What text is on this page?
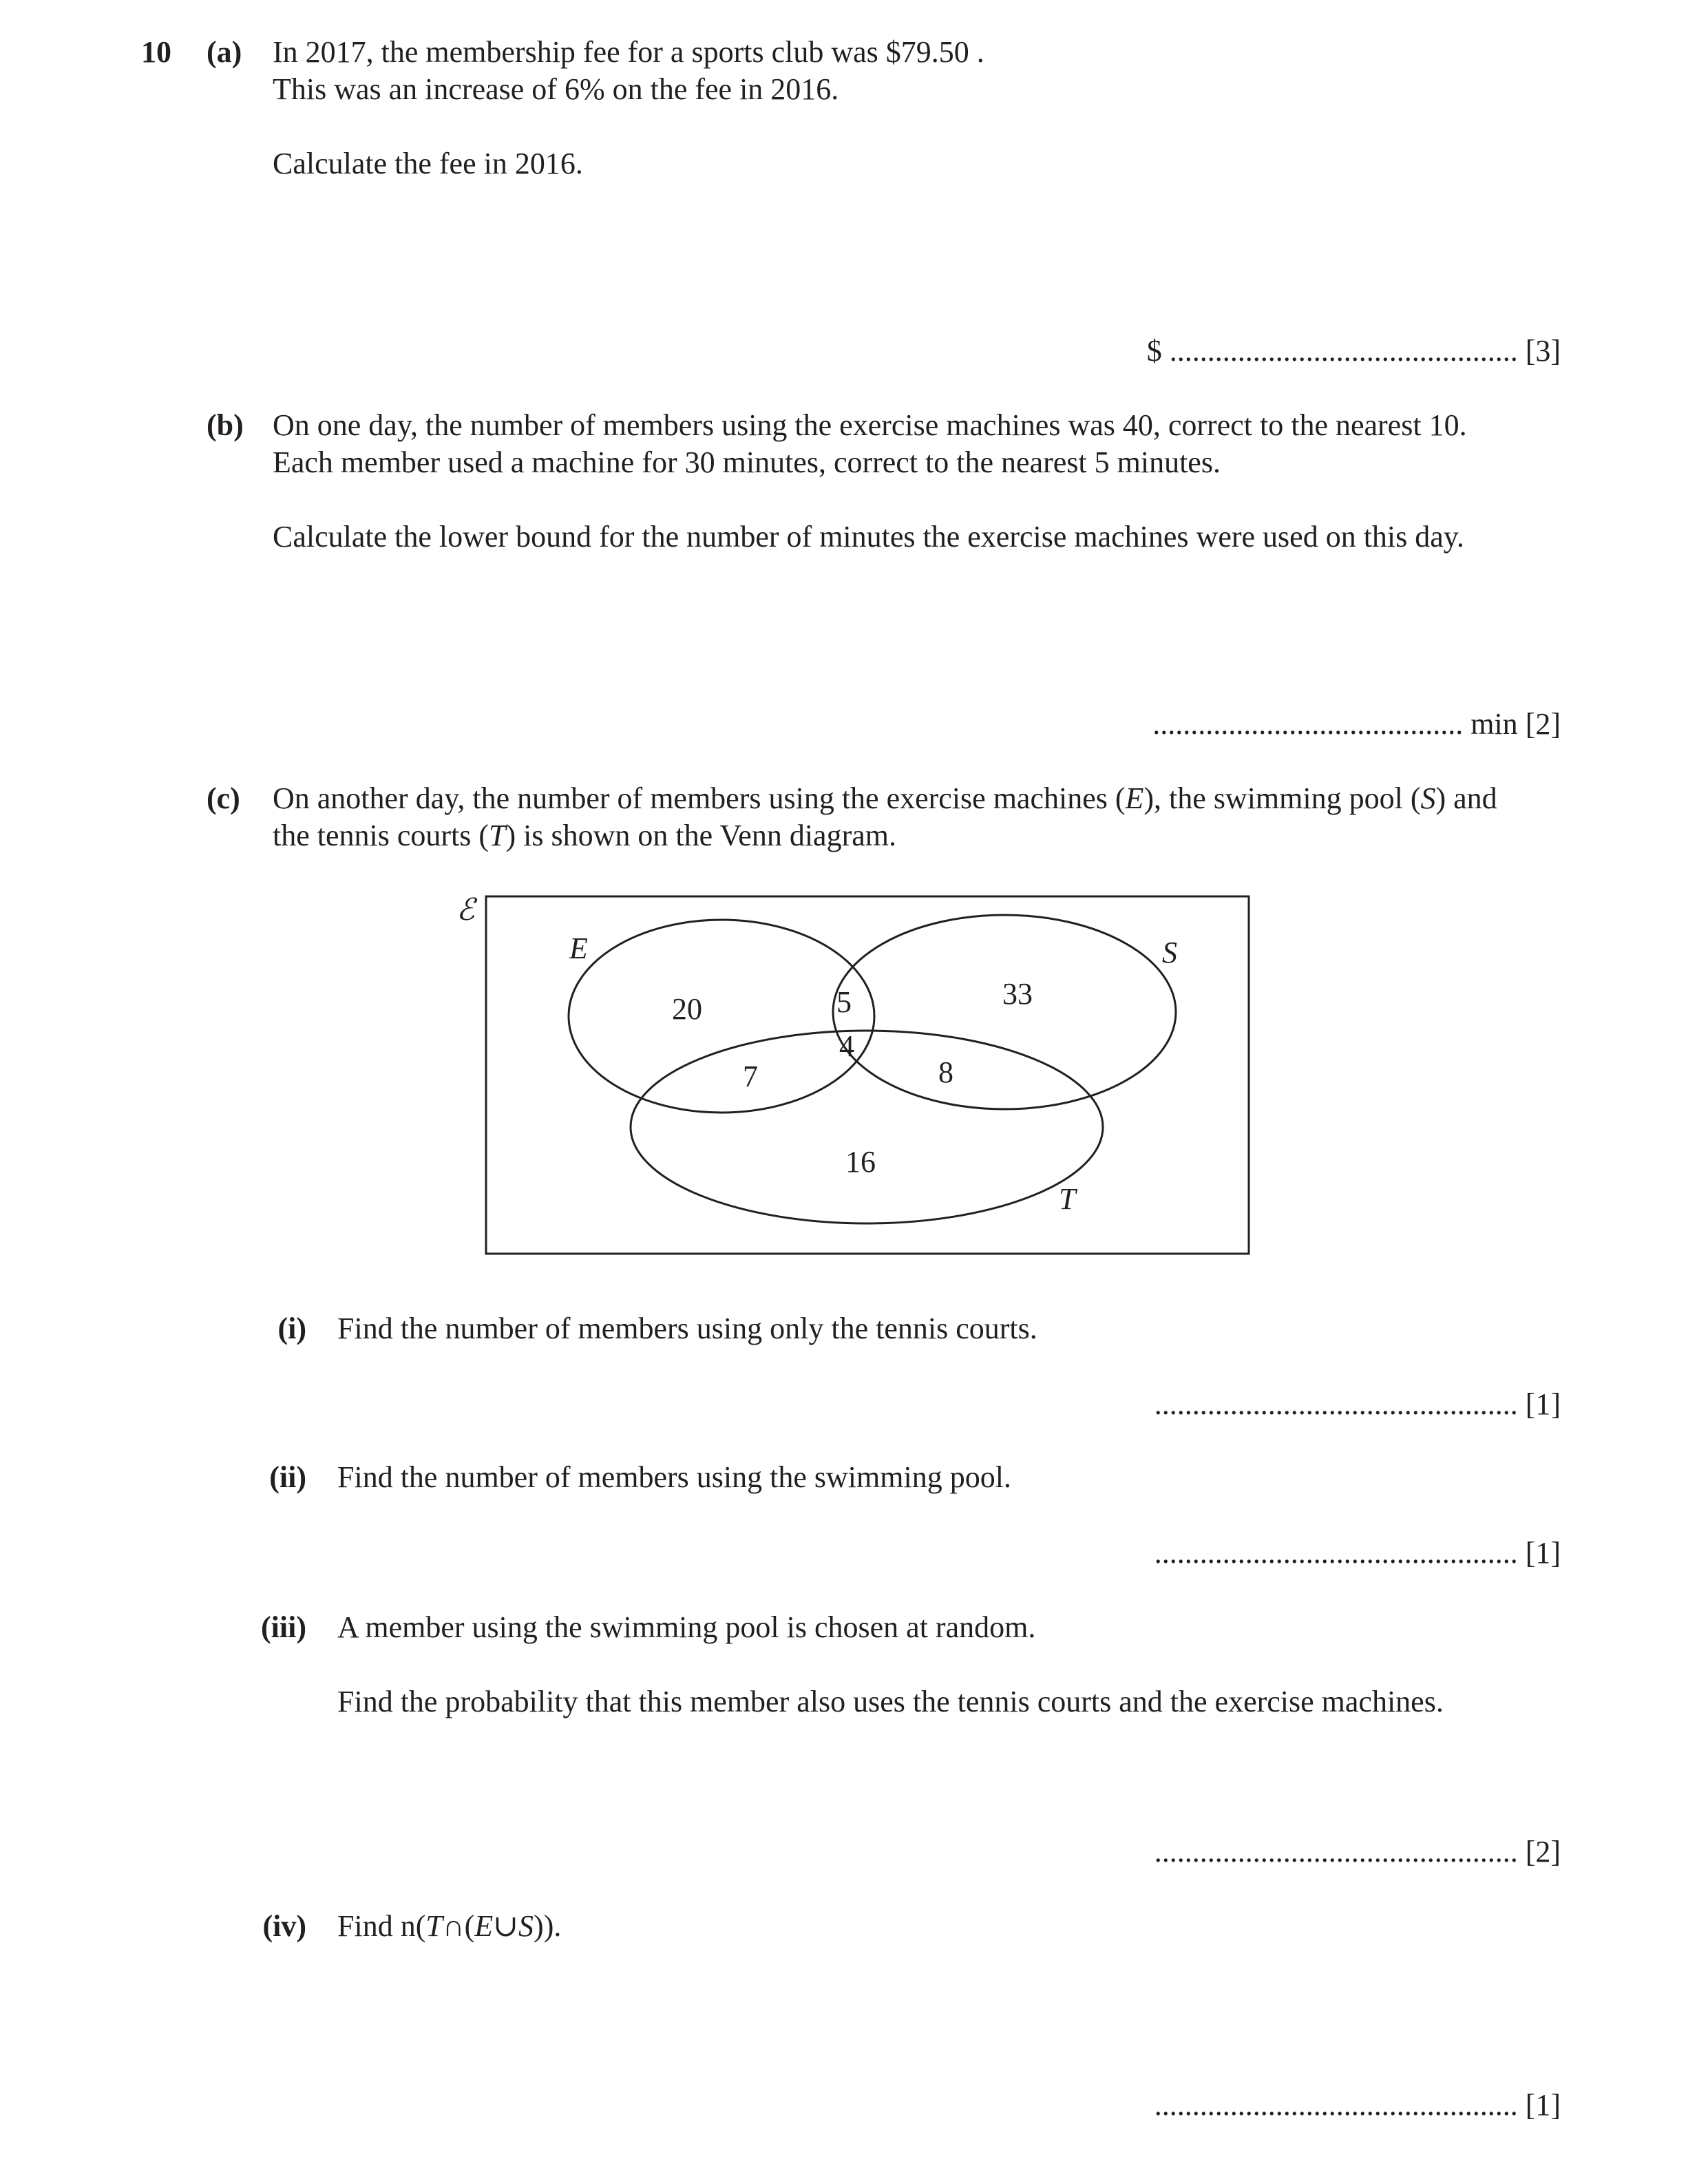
10 (a) In 2017, the membership fee for a sports club was $79.50 .
This was an increase of 6% on the fee in 2016.
Calculate the fee in 2016.
$ .............................................. [3]
(b) On one day, the number of members using the exercise machines was 40, correct to the nearest 10.
Each member used a machine for 30 minutes, correct to the nearest 5 minutes.
Calculate the lower bound for the number of minutes the exercise machines were used on this day.
......................................... min [2]
(c) On another day, the number of members using the exercise machines (E), the swimming pool (S) and
the tennis courts (T) is shown on the Venn diagram.
ℰ
E	S
T
20	5
4
33
7	8
16
(i) Find the number of members using only the tennis courts.
................................................ [1]
(ii) Find the number of members using the swimming pool.
................................................ [1]
(iii) A member using the swimming pool is chosen at random.
Find the probability that this member also uses the tennis courts and the exercise machines.
................................................ [2]
(iv) Find n(T∩(E∪S)).
................................................ [1]
